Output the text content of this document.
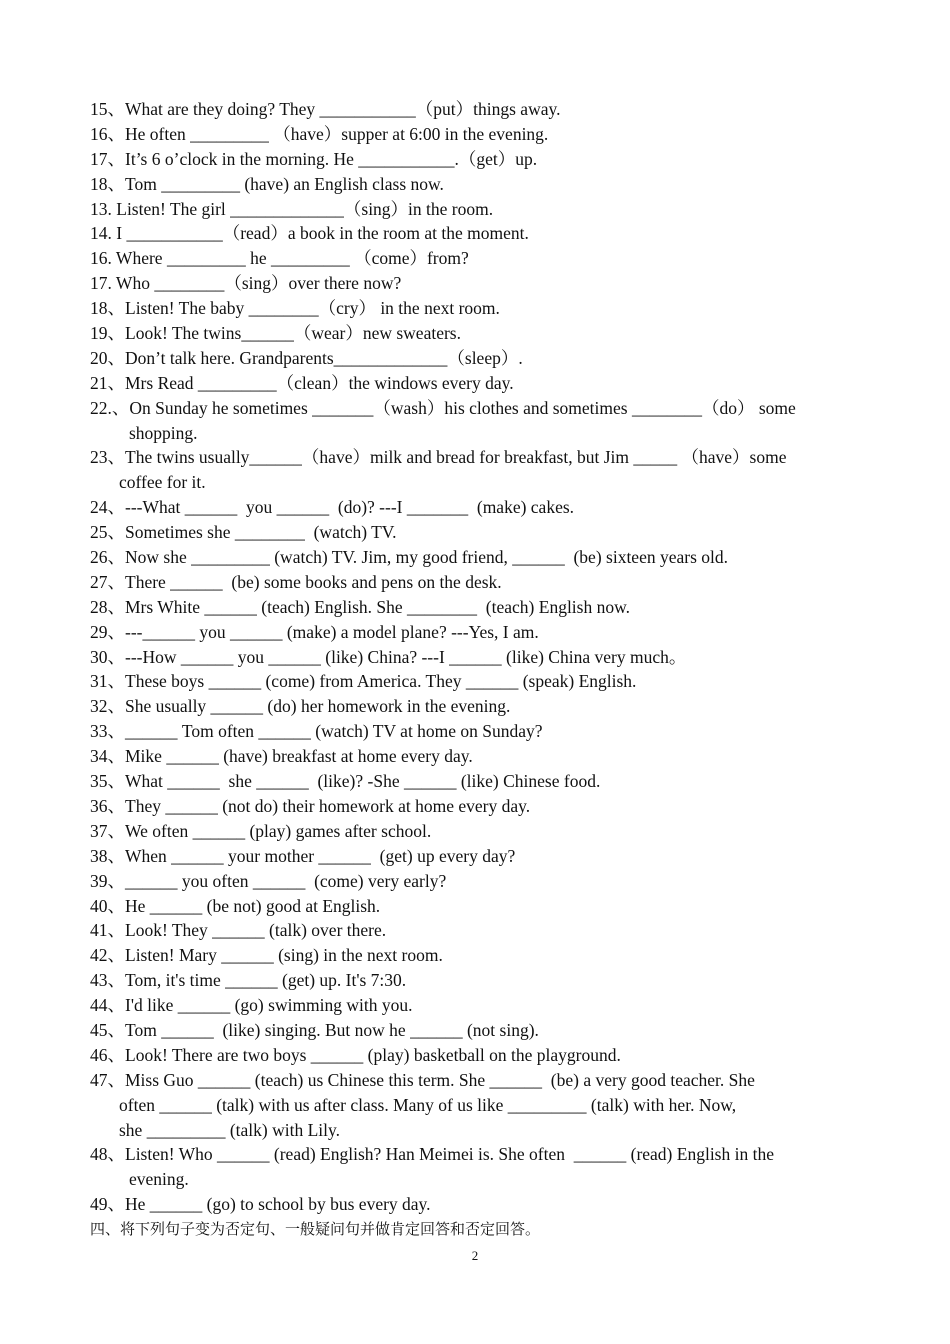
15、What are they doing? They ___________（put）things away.
16、He often _________ （have）supper at 6:00 in the evening.
17、It’s 6 o’clock in the morning. He ___________.（get）up.
18、Tom _________ (have) an English class now.
13. Listen! The girl _____________（sing）in the room.
14. I ___________（read）a book in the room at the moment.
16. Where _________ he _________ （come）from?
17. Who ________（sing）over there now?
18、Listen! The baby ________（cry） in the next room.
19、Look! The twins______（wear）new sweaters.
20、Don’t talk here. Grandparents_____________（sleep）.
21、Mrs Read _________（clean）the windows every day.
22.、On Sunday he sometimes _______（wash）his clothes and sometimes ________（do） some
shopping.
23、The twins usually______（have）milk and bread for breakfast, but Jim _____ （have）some
coffee for it.
24、---What ______  you ______  (do)? ---I _______  (make) cakes.
25、Sometimes she ________  (watch) TV.
26、Now she _________ (watch) TV. Jim, my good friend, ______  (be) sixteen years old.
27、There ______  (be) some books and pens on the desk.
28、Mrs White ______ (teach) English. She ________  (teach) English now.
29、---______ you ______ (make) a model plane? ---Yes, I am.
30、---How ______ you ______ (like) China? ---I ______ (like) China very much。
31、These boys ______ (come) from America. They ______ (speak) English.
32、She usually ______ (do) her homework in the evening.
33、______ Tom often ______ (watch) TV at home on Sunday?
34、Mike ______ (have) breakfast at home every day.
35、What ______  she ______  (like)? -She ______ (like) Chinese food.
36、They ______ (not do) their homework at home every day.
37、We often ______ (play) games after school.
38、When ______ your mother ______  (get) up every day?
39、______ you often ______  (come) very early?
40、He ______ (be not) good at English.
41、Look! They ______ (talk) over there.
42、Listen! Mary ______ (sing) in the next room.
43、Tom, it's time ______ (get) up. It's 7:30.
44、I'd like ______ (go) swimming with you.
45、Tom ______  (like) singing. But now he ______ (not sing).
46、Look! There are two boys ______ (play) basketball on the playground.
47、Miss Guo ______ (teach) us Chinese this term. She ______  (be) a very good teacher. She
often ______ (talk) with us after class. Many of us like _________ (talk) with her. Now,
she _________ (talk) with Lily.
48、Listen! Who ______ (read) English? Han Meimei is. She often  ______ (read) English in the
evening.
49、He ______ (go) to school by bus every day.
四、将下列句子变为否定句、一般疑问句并做肯定回答和否定回答。
2
